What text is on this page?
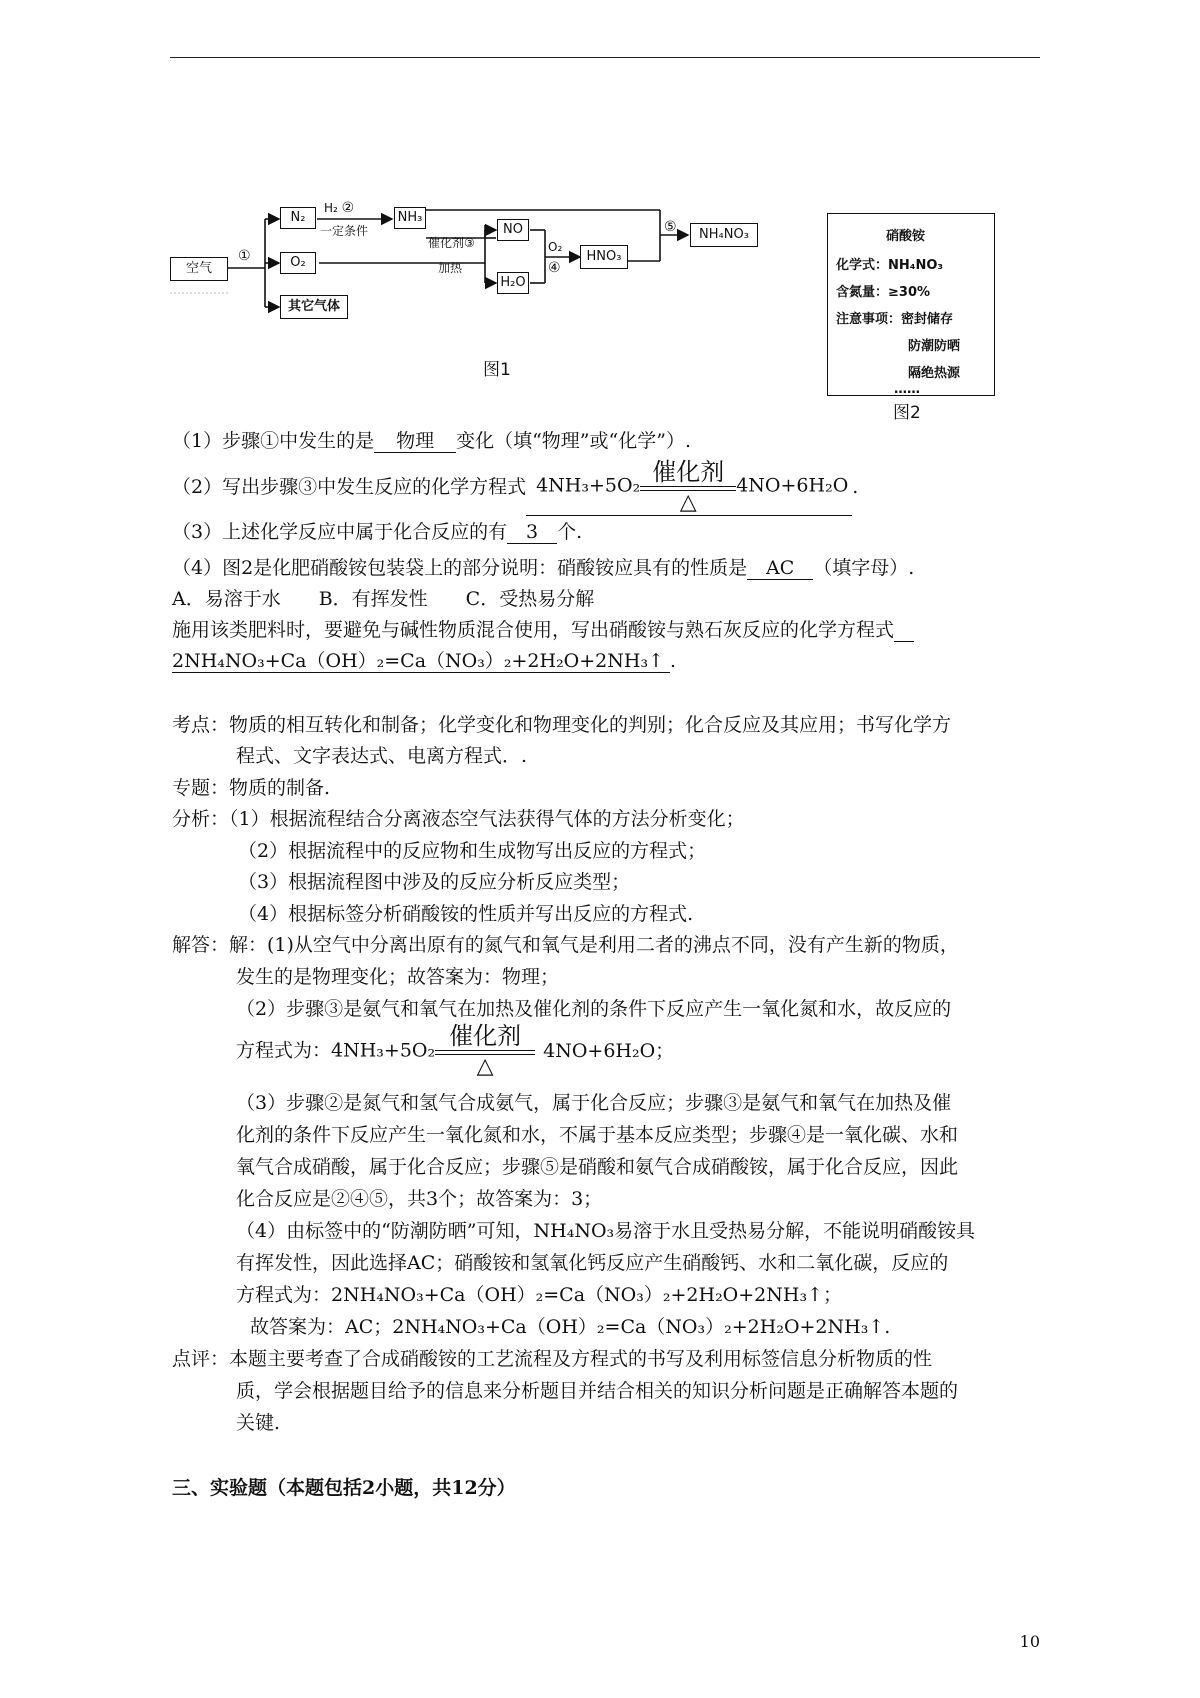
空气
N₂
O₂
其它气体
NH₃
NO
H₂O
HNO₃
NH₄NO₃
①
H₂ ②
一定条件
催化剂③
加热
O₂
④
⑤
图1
硝酸铵
化学式：NH₄NO₃
含氮量：≥30%
注意事项：密封储存
防潮防晒
隔绝热源
……
图2
（1）步骤①中发生的是 物理 变化（填“物理”或“化学”）.
（2）写出步骤③中发生反应的化学方程式 4NH₃+5O₂ 催化剂
△
4NO+6H₂O .
（3）上述化学反应中属于化合反应的有 3 个.
（4）图2是化肥硝酸铵包装袋上的部分说明：硝酸铵应具有的性质是 AC （填字母）.
A．易溶于水　　B．有挥发性　　C．受热易分解
施用该类肥料时，要避免与碱性物质混合使用，写出硝酸铵与熟石灰反应的化学方程式
2NH₄NO₃+Ca（OH）₂=Ca（NO₃）₂+2H₂O+2NH₃↑ .
考点：物质的相互转化和制备；化学变化和物理变化的判别；化合反应及其应用；书写化学方
程式、文字表达式、电离方程式．.
专题：物质的制备.
分析：（1）根据流程结合分离液态空气法获得气体的方法分析变化；
（2）根据流程中的反应物和生成物写出反应的方程式；
（3）根据流程图中涉及的反应分析反应类型；
（4）根据标签分析硝酸铵的性质并写出反应的方程式.
解答：解：(1)从空气中分离出原有的氮气和氧气是利用二者的沸点不同，没有产生新的物质，
发生的是物理变化；故答案为：物理；
（2）步骤③是氨气和氧气在加热及催化剂的条件下反应产生一氧化氮和水，故反应的
方程式为：4NH₃+5O₂
催化剂
△
4NO+6H₂O；
（3）步骤②是氮气和氢气合成氨气，属于化合反应；步骤③是氨气和氧气在加热及催
化剂的条件下反应产生一氧化氮和水，不属于基本反应类型；步骤④是一氧化碳、水和
氧气合成硝酸，属于化合反应；步骤⑤是硝酸和氨气合成硝酸铵，属于化合反应，因此
化合反应是②④⑤，共3个；故答案为：3；
（4）由标签中的“防潮防晒”可知，NH₄NO₃易溶于水且受热易分解，不能说明硝酸铵具
有挥发性，因此选择AC；硝酸铵和氢氧化钙反应产生硝酸钙、水和二氧化碳，反应的
方程式为：2NH₄NO₃+Ca（OH）₂=Ca（NO₃）₂+2H₂O+2NH₃↑；
故答案为：AC；2NH₄NO₃+Ca（OH）₂=Ca（NO₃）₂+2H₂O+2NH₃↑.
点评：本题主要考查了合成硝酸铵的工艺流程及方程式的书写及利用标签信息分析物质的性
质，学会根据题目给予的信息来分析题目并结合相关的知识分析问题是正确解答本题的
关键.
三、实验题（本题包括2小题，共12分）
10
